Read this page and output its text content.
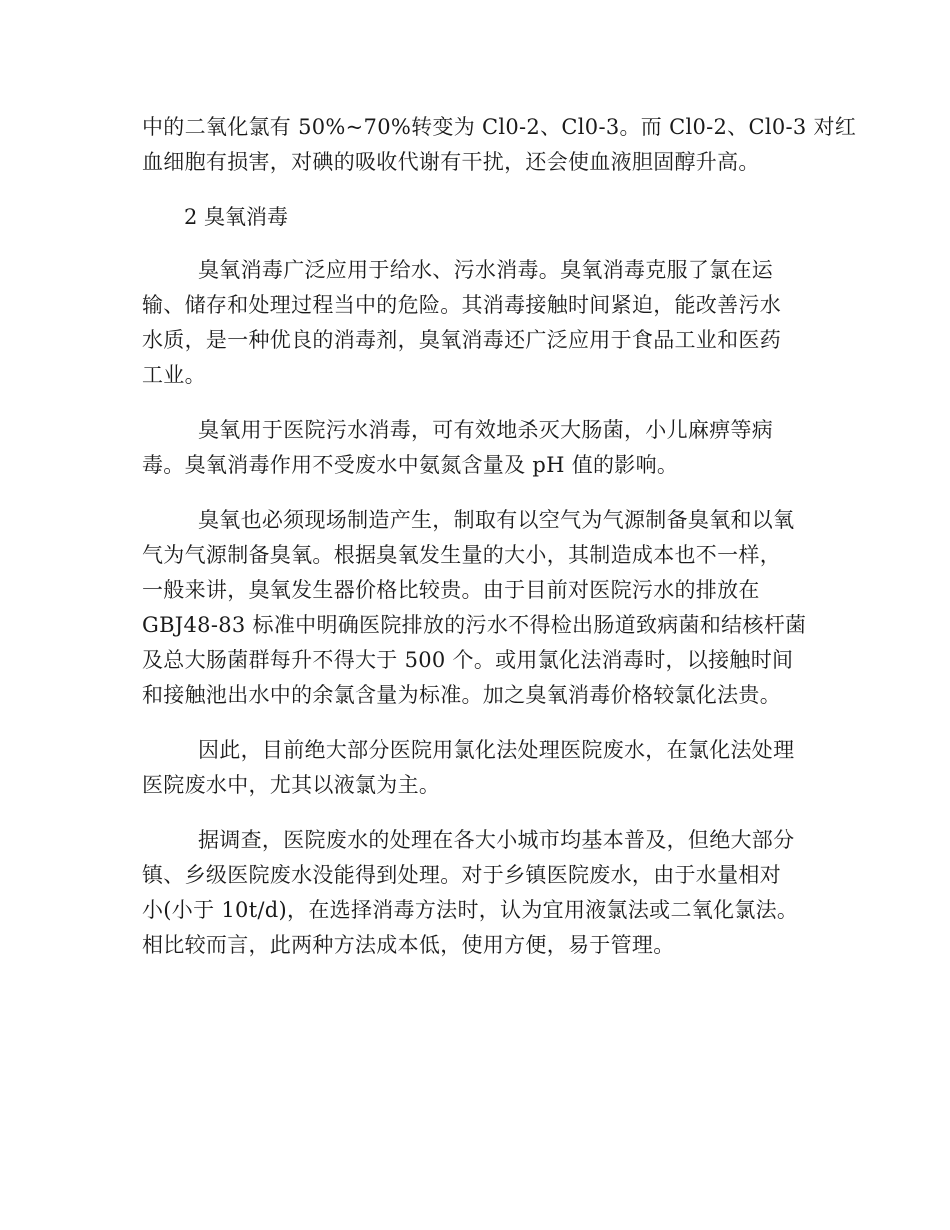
中的二氧化氯有 50%~70%转变为 Cl0-2、Cl0-3。而 Cl0-2、Cl0-3 对红
血细胞有损害，对碘的吸收代谢有干扰，还会使血液胆固醇升高。
2 臭氧消毒
臭氧消毒广泛应用于给水、污水消毒。臭氧消毒克服了氯在运
输、储存和处理过程当中的危险。其消毒接触时间紧迫，能改善污水
水质，是一种优良的消毒剂，臭氧消毒还广泛应用于食品工业和医药
工业。
臭氧用于医院污水消毒，可有效地杀灭大肠菌，小儿麻痹等病
毒。臭氧消毒作用不受废水中氨氮含量及 pH 值的影响。
臭氧也必须现场制造产生，制取有以空气为气源制备臭氧和以氧
气为气源制备臭氧。根据臭氧发生量的大小，其制造成本也不一样，
一般来讲，臭氧发生器价格比较贵。由于目前对医院污水的排放在
GBJ48-83 标准中明确医院排放的污水不得检出肠道致病菌和结核杆菌
及总大肠菌群每升不得大于 500 个。或用氯化法消毒时，以接触时间
和接触池出水中的余氯含量为标准。加之臭氧消毒价格较氯化法贵。
因此，目前绝大部分医院用氯化法处理医院废水，在氯化法处理
医院废水中，尤其以液氯为主。
据调查，医院废水的处理在各大小城市均基本普及，但绝大部分
镇、乡级医院废水没能得到处理。对于乡镇医院废水，由于水量相对
小(小于 10t/d)，在选择消毒方法时，认为宜用液氯法或二氧化氯法。
相比较而言，此两种方法成本低，使用方便，易于管理。
